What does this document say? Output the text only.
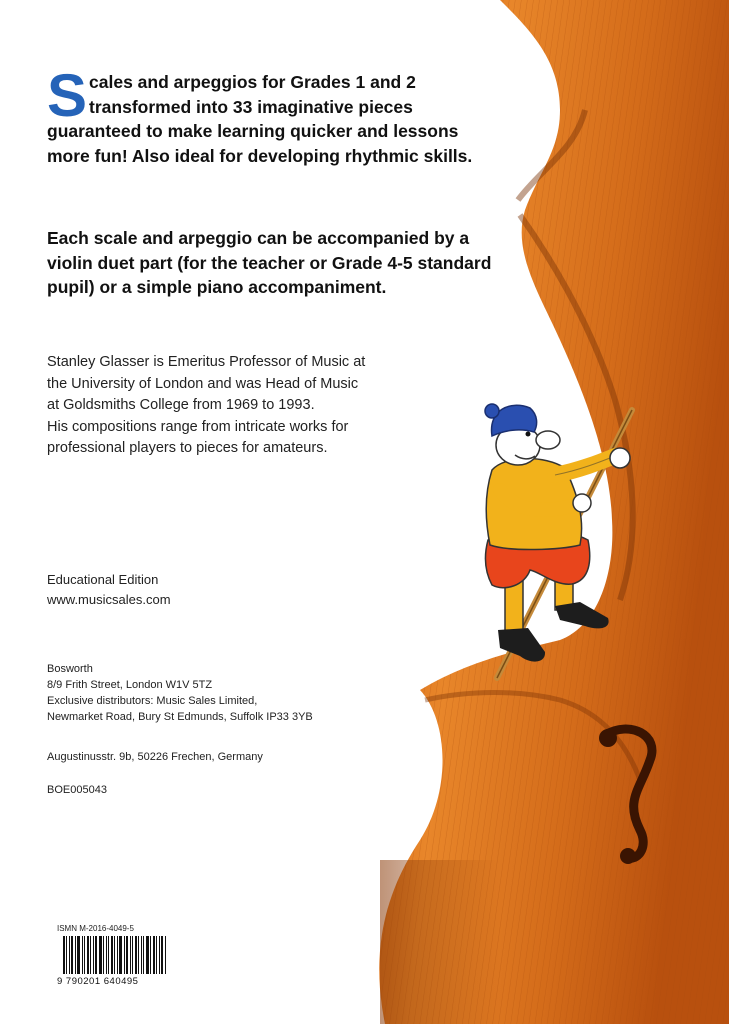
Scales and arpeggios for Grades 1 and 2 transformed into 33 imaginative pieces guaranteed to make learning quicker and lessons more fun! Also ideal for developing rhythmic skills.
Each scale and arpeggio can be accompanied by a violin duet part (for the teacher or Grade 4-5 standard pupil) or a simple piano accompaniment.
Stanley Glasser is Emeritus Professor of Music at
the University of London and was Head of Music
at Goldsmiths College from 1969 to 1993.
His compositions range from intricate works for
professional players to pieces for amateurs.
Educational Edition
www.musicsales.com
Bosworth
8/9 Frith Street, London W1V 5TZ
Exclusive distributors: Music Sales Limited,
Newmarket Road, Bury St Edmunds, Suffolk IP33 3YB
Augustinusstr. 9b, 50226 Frechen, Germany
BOE005043
ISMN M-2016-4049-5
9 790201 640495
